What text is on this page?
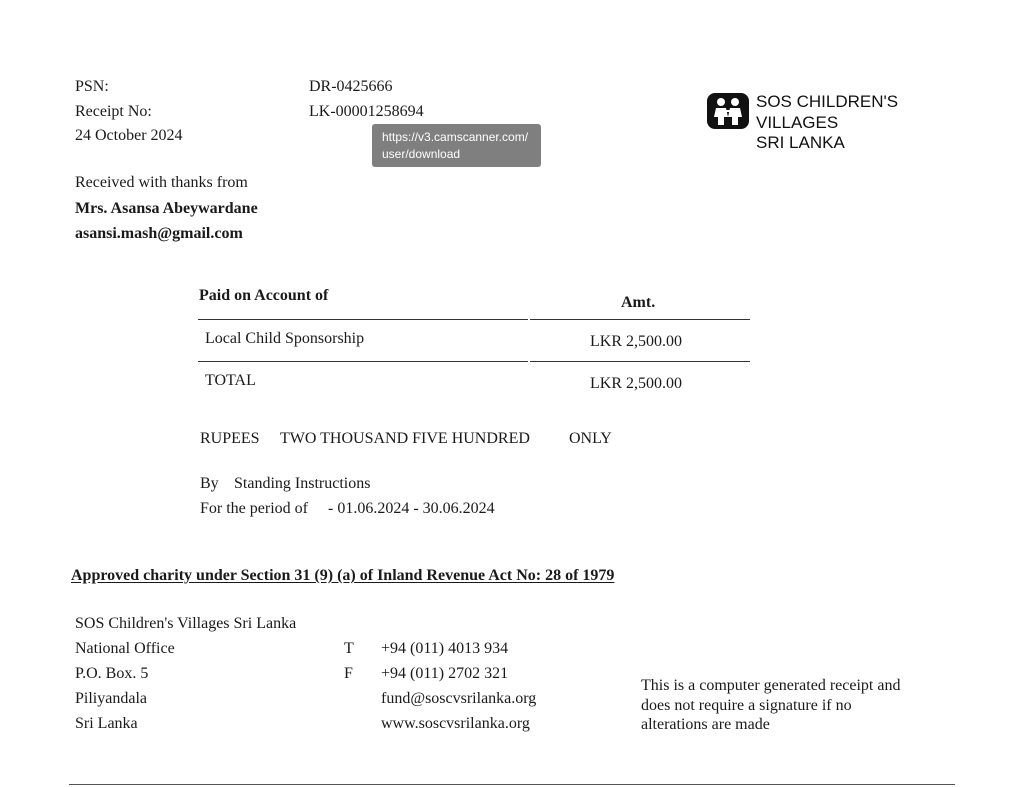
PSN:	DR-0425666
Receipt No:	LK-00001258694
24 October 2024	https://v3.camscanner.com/
user/download
SOS CHILDREN'S
VILLAGES
SRI LANKA
Received with thanks from
Mrs. Asansa Abeywardane
asansi.mash@gmail.com
Paid on Account of	Amt.
Local Child Sponsorship	LKR 2,500.00
TOTAL	LKR 2,500.00
RUPEES TWO THOUSAND FIVE HUNDRED ONLY
By Standing Instructions
For the period of - 01.06.2024 - 30.06.2024
Approved charity under Section 31 (9) (a) of Inland Revenue Act No: 28 of 1979
SOS Children's Villages Sri Lanka
National Office
P.O. Box. 5
Piliyandala
Sri Lanka
T +94 (011) 4013 934
F +94 (011) 2702 321
fund@soscvsrilanka.org
www.soscvsrilanka.org
This is a computer generated receipt and
does not require a signature if no
alterations are made
